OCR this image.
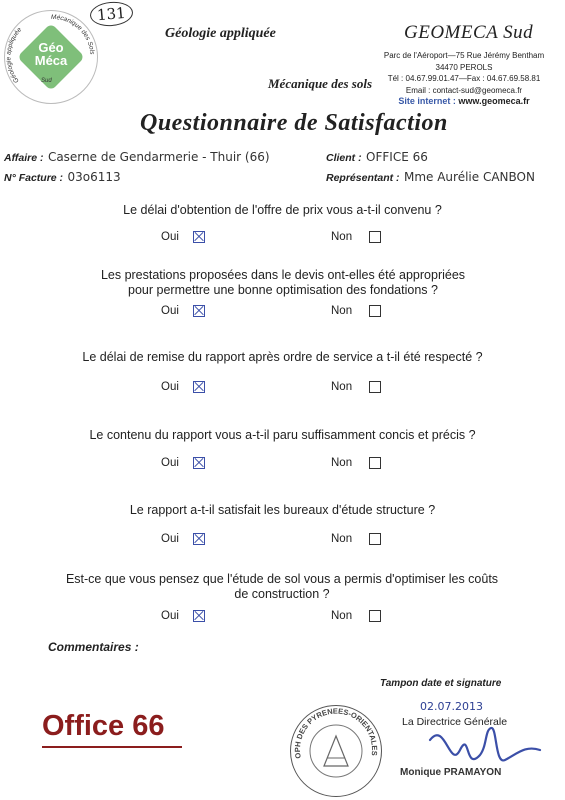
Géo
Méca
Sud
Géologie appliquée
Mécanique des Sols
131
Géologie appliquée
Mécanique des sols
GEOMECA Sud
Parc de l'Aéroport—75 Rue Jérémy Bentham
34470 PEROLS
Tél : 04.67.99.01.47—Fax : 04.67.69.58.81
Email : contact-sud@geomeca.fr
Site internet : www.geomeca.fr
Questionnaire de Satisfaction
Affaire : Caserne de Gendarmerie - Thuir (66)
N° Facture : 03o6113
Client : OFFICE 66
Représentant : Mme Aurélie CANBON
Le délai d'obtention de l'offre de prix vous a-t-il convenu ?
Oui	Non
Les prestations proposées dans le devis ont-elles été appropriées pour permettre une bonne optimisation des fondations ?
Oui	Non
Le délai de remise du rapport après ordre de service a t-il été respecté ?
Oui	Non
Le contenu du rapport vous a-t-il paru suffisamment concis et précis ?
Oui	Non
Le rapport a-t-il satisfait les bureaux d'étude structure ?
Oui	Non
Est-ce que vous pensez que l'étude de sol vous a permis d'optimiser les coûts de construction ?
Oui	Non
Commentaires :
Tampon date et signature
Office 66
OPH DES PYRENEES-ORIENTALES
02.07.2013
La Directrice Générale
Monique PRAMAYON
